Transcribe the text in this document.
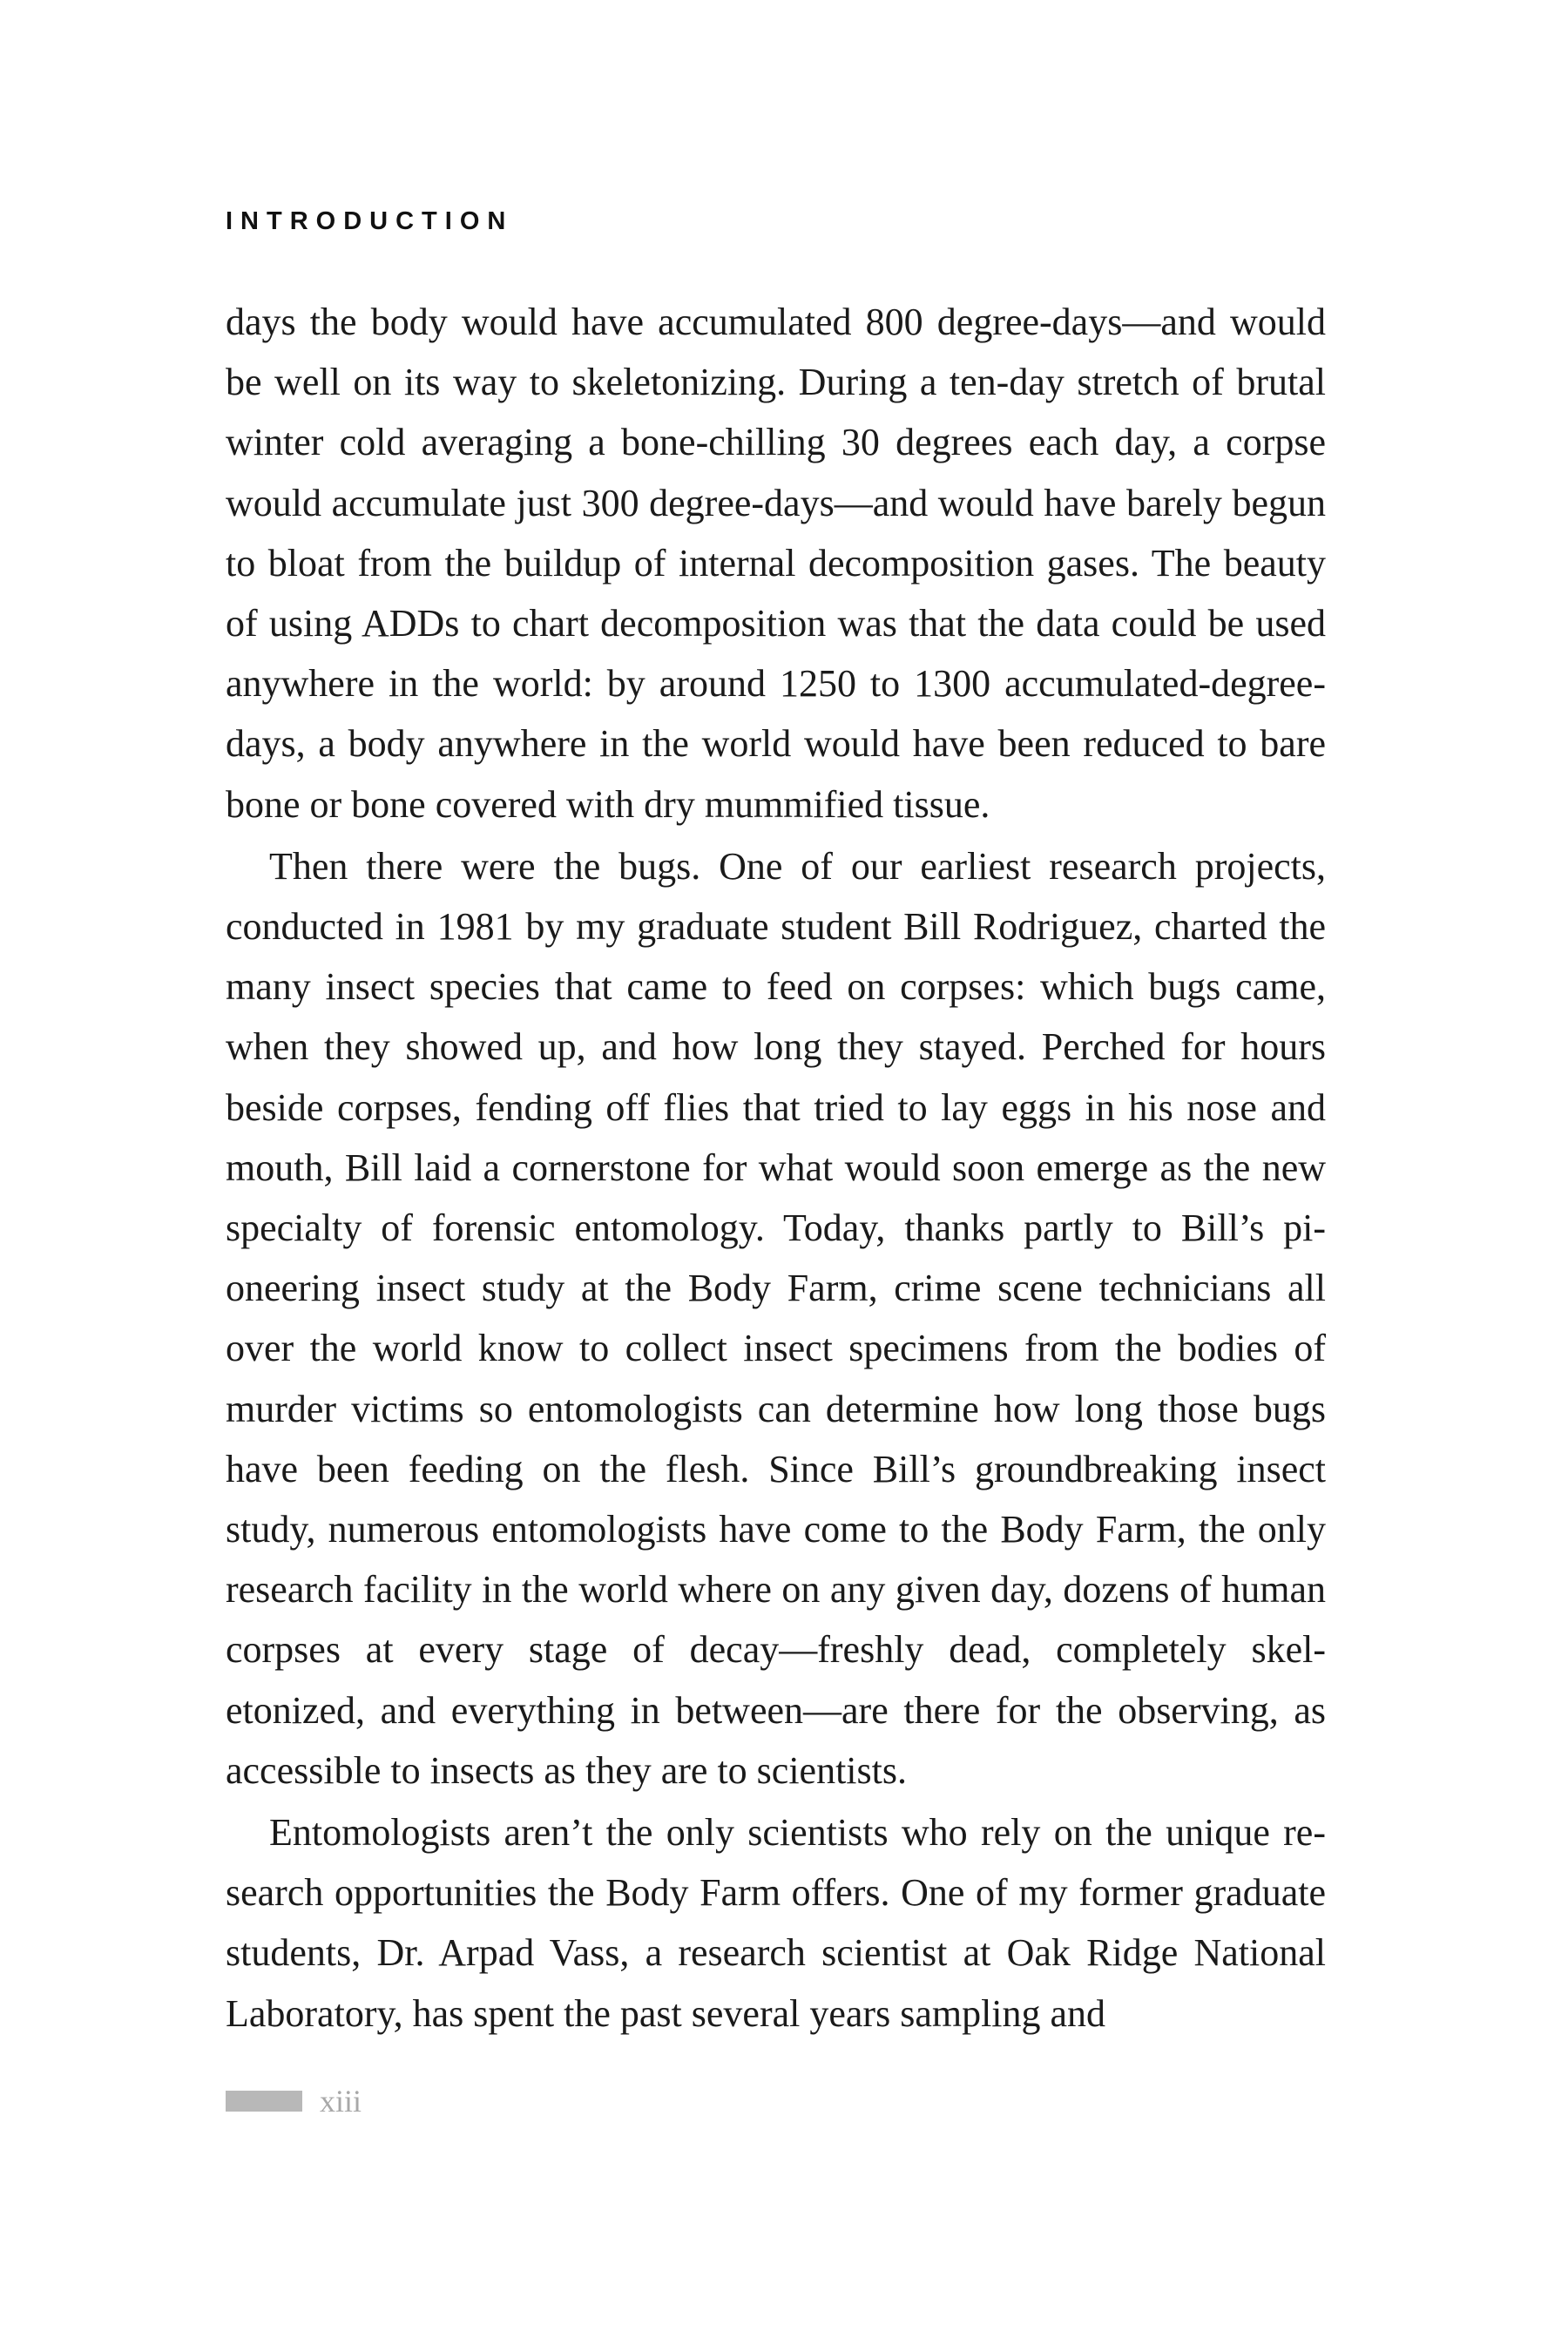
INTRODUCTION

days the body would have accumulated 800 degree-days—and would be well on its way to skeletonizing. During a ten-day stretch of brutal winter cold averaging a bone-chilling 30 degrees each day, a corpse would accumulate just 300 degree-days—and would have barely begun to bloat from the buildup of internal decomposition gases. The beauty of using ADDs to chart decomposition was that the data could be used anywhere in the world: by around 1250 to 1300 accumulated-degree-days, a body anywhere in the world would have been reduced to bare bone or bone covered with dry mummified tissue.

Then there were the bugs. One of our earliest research projects, conducted in 1981 by my graduate student Bill Rodriguez, charted the many insect species that came to feed on corpses: which bugs came, when they showed up, and how long they stayed. Perched for hours beside corpses, fending off flies that tried to lay eggs in his nose and mouth, Bill laid a cornerstone for what would soon emerge as the new specialty of forensic entomology. Today, thanks partly to Bill’s pioneering insect study at the Body Farm, crime scene technicians all over the world know to collect insect specimens from the bodies of murder victims so entomologists can determine how long those bugs have been feeding on the flesh. Since Bill’s groundbreaking insect study, numerous entomologists have come to the Body Farm, the only research facility in the world where on any given day, dozens of human corpses at every stage of decay—freshly dead, completely skeletonized, and everything in between—are there for the observing, as accessible to insects as they are to scientists.

Entomologists aren’t the only scientists who rely on the unique research opportunities the Body Farm offers. One of my former graduate students, Dr. Arpad Vass, a research scientist at Oak Ridge National Laboratory, has spent the past several years sampling and

xiii
